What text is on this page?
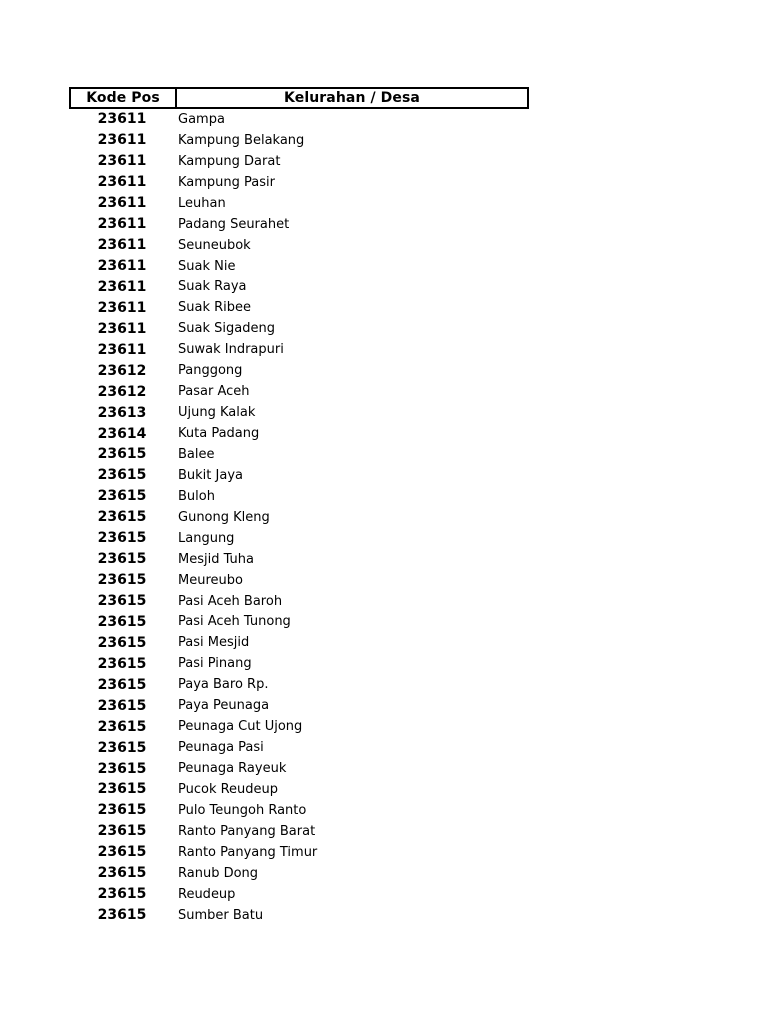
Kode Pos	Kelurahan / Desa
23611	Gampa
23611	Kampung Belakang
23611	Kampung Darat
23611	Kampung Pasir
23611	Leuhan
23611	Padang Seurahet
23611	Seuneubok
23611	Suak Nie
23611	Suak Raya
23611	Suak Ribee
23611	Suak Sigadeng
23611	Suwak Indrapuri
23612	Panggong
23612	Pasar Aceh
23613	Ujung Kalak
23614	Kuta Padang
23615	Balee
23615	Bukit Jaya
23615	Buloh
23615	Gunong Kleng
23615	Langung
23615	Mesjid Tuha
23615	Meureubo
23615	Pasi Aceh Baroh
23615	Pasi Aceh Tunong
23615	Pasi Mesjid
23615	Pasi Pinang
23615	Paya Baro Rp.
23615	Paya Peunaga
23615	Peunaga Cut Ujong
23615	Peunaga Pasi
23615	Peunaga Rayeuk
23615	Pucok Reudeup
23615	Pulo Teungoh Ranto
23615	Ranto Panyang Barat
23615	Ranto Panyang Timur
23615	Ranub Dong
23615	Reudeup
23615	Sumber Batu
